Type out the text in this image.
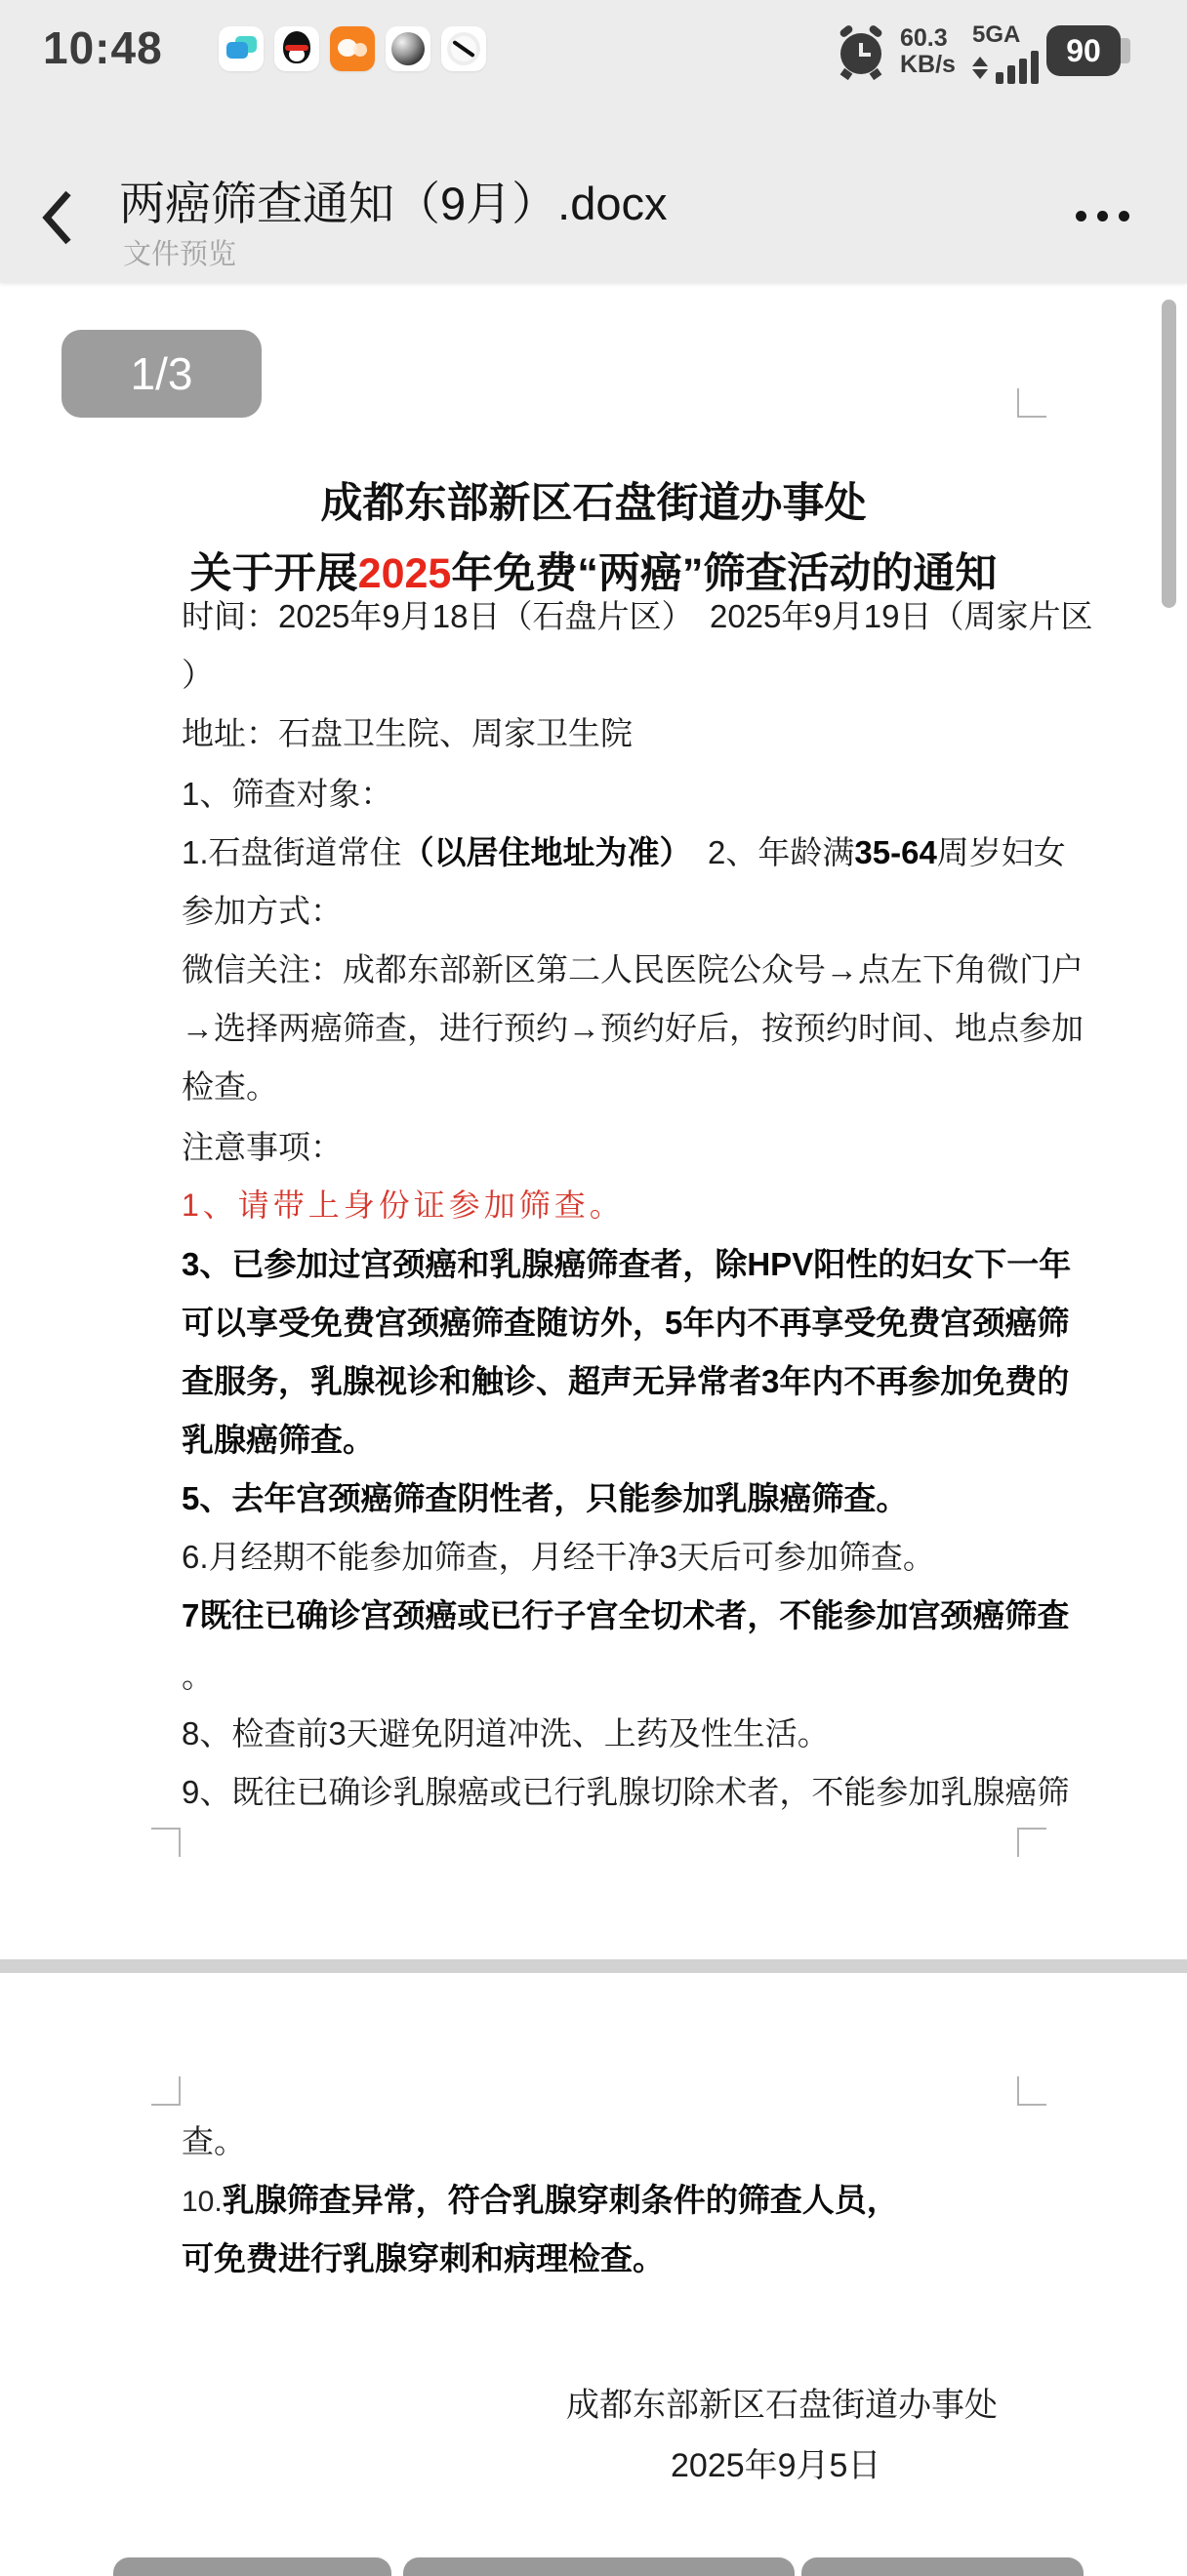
10:48	60.3
KB/s
5GA	90
两癌筛查通知（9月）.docx
文件预览
1/3
成都东部新区石盘街道办事处
关于开展2025年免费“两癌”筛查活动的通知
时间：2025年9月18日（石盘片区）　2025年9月19日（周家片区
）
地址：石盘卫生院、周家卫生院
1、筛查对象：
1.石盘街道常住（以居住地址为准）　2、年龄满35-64周岁妇女
参加方式：
微信关注：成都东部新区第二人民医院公众号→点左下角微门户
→选择两癌筛查，进行预约→预约好后，按预约时间、地点参加
检查。
注意事项：
1、请带上身份证参加筛查。
3、已参加过宫颈癌和乳腺癌筛查者，除HPV阳性的妇女下一年
可以享受免费宫颈癌筛查随访外，5年内不再享受免费宫颈癌筛
查服务，乳腺视诊和触诊、超声无异常者3年内不再参加免费的
乳腺癌筛查。
5、去年宫颈癌筛查阴性者，只能参加乳腺癌筛查。
6.月经期不能参加筛查，月经干净3天后可参加筛查。
7既往已确诊宫颈癌或已行子宫全切术者，不能参加宫颈癌筛查
。
8、检查前3天避免阴道冲洗、上药及性生活。
9、既往已确诊乳腺癌或已行乳腺切除术者，不能参加乳腺癌筛
查。
10.乳腺筛查异常，符合乳腺穿刺条件的筛查人员，
可免费进行乳腺穿刺和病理检查。
成都东部新区石盘街道办事处
2025年9月5日
